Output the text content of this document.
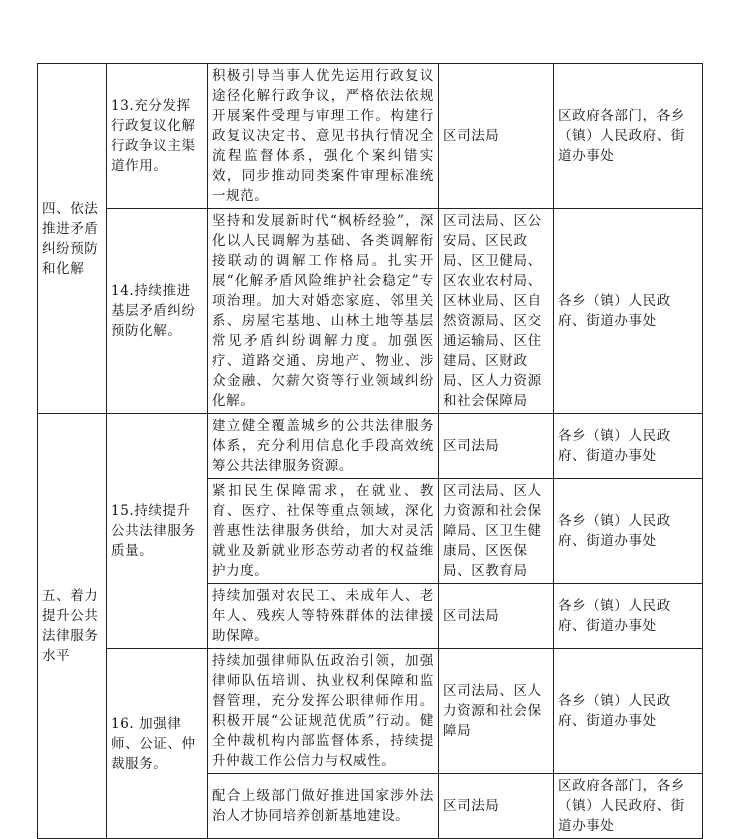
四、依法推进矛盾纠纷预防和化解	13.充分发挥行政复议化解行政争议主渠道作用。	积极引导当事人优先运用行政复议途径化解行政争议，严格依法依规开展案件受理与审理工作。构建行政复议决定书、意见书执行情况全流程监督体系，强化个案纠错实效，同步推动同类案件审理标准统一规范。	区司法局	区政府各部门，各乡（镇）人民政府、街道办事处
	14.持续推进基层矛盾纠纷预防化解。	坚持和发展新时代“枫桥经验”，深化以人民调解为基础、各类调解衔接联动的调解工作格局。扎实开展“化解矛盾风险维护社会稳定”专项治理。加大对婚恋家庭、邻里关系、房屋宅基地、山林土地等基层常见矛盾纠纷调解力度。加强医疗、道路交通、房地产、物业、涉众金融、欠薪欠资等行业领域纠纷化解。	区司法局、区公安局、区民政局、区卫健局、区农业农村局、区林业局、区自然资源局、区交通运输局、区住建局、区财政局、区人力资源和社会保障局	各乡（镇）人民政府、街道办事处
五、着力提升公共法律服务水平	15.持续提升公共法律服务质量。	建立健全覆盖城乡的公共法律服务体系，充分利用信息化手段高效统筹公共法律服务资源。	区司法局	各乡（镇）人民政府、街道办事处
		紧扣民生保障需求，在就业、教育、医疗、社保等重点领域，深化普惠性法律服务供给，加大对灵活就业及新就业形态劳动者的权益维护力度。	区司法局、区人力资源和社会保障局、区卫生健康局、区医保局、区教育局	各乡（镇）人民政府、街道办事处
		持续加强对农民工、未成年人、老年人、残疾人等特殊群体的法律援助保障。	区司法局	各乡（镇）人民政府、街道办事处
	16. 加强律师、公证、仲裁服务。	持续加强律师队伍政治引领，加强律师队伍培训、执业权利保障和监督管理，充分发挥公职律师作用。积极开展“公证规范优质”行动。健全仲裁机构内部监督体系，持续提升仲裁工作公信力与权威性。	区司法局、区人力资源和社会保障局	各乡（镇）人民政府、街道办事处
		配合上级部门做好推进国家涉外法治人才协同培养创新基地建设。	区司法局	区政府各部门，各乡（镇）人民政府、街道办事处
